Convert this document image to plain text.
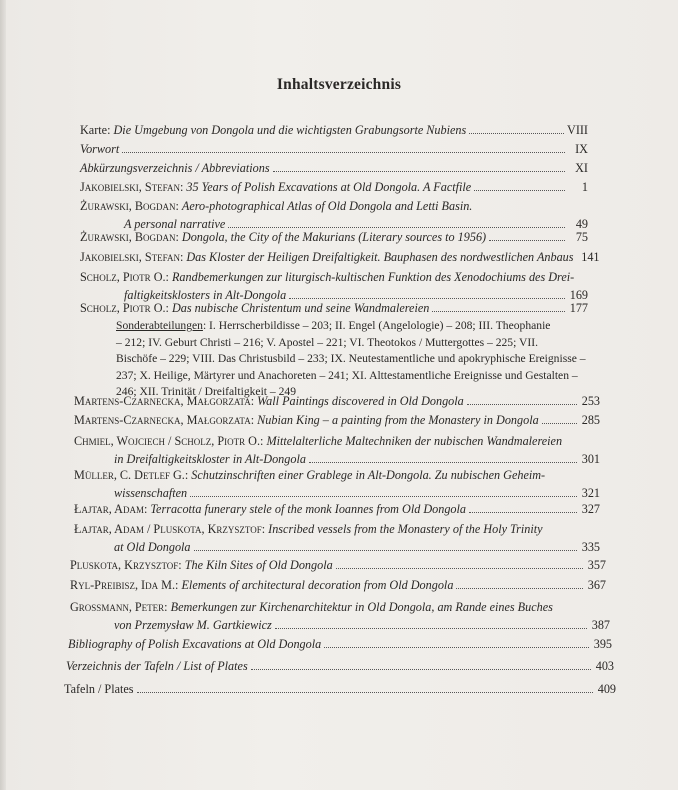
Inhaltsverzeichnis
Karte: Die Umgebung von Dongola und die wichtigsten Grabungsorte Nubiens	VIII
Vorwort	IX
Abkürzungsverzeichnis / Abbreviations	XI
Jakobielski, Stefan: 35 Years of Polish Excavations at Old Dongola. A Factfile	1
Żurawski, Bogdan: Aero-photographical Atlas of Old Dongola and Letti Basin.
A personal narrative	49
Żurawski, Bogdan: Dongola, the City of the Makurians (Literary sources to 1956)	75
Jakobielski, Stefan: Das Kloster der Heiligen Dreifaltigkeit. Bauphasen des nordwestlichen Anbaus 141
Scholz, Piotr O.: Randbemerkungen zur liturgisch-kultischen Funktion des Xenodochiums des Drei-
faltigkeitsklosters in Alt-Dongola	169
Scholz, Piotr O.: Das nubische Christentum und seine Wandmalereien	177
Sonderabteilungen: I. Herrscherbildisse – 203; II. Engel (Angelologie) – 208; III. Theophanie
– 212; IV. Geburt Christi – 216; V. Apostel – 221; VI. Theotokos / Muttergottes – 225; VII.
Bischöfe – 229; VIII. Das Christusbild – 233; IX. Neutestamentliche und apokryphische Ereignisse –
237; X. Heilige, Märtyrer und Anachoreten – 241; XI. Alttestamentliche Ereignisse und Gestalten –
246; XII. Trinität / Dreifaltigkeit – 249
Martens-Czarnecka, Małgorzata: Wall Paintings discovered in Old Dongola	253
Martens-Czarnecka, Małgorzata: Nubian King – a painting from the Monastery in Dongola	285
Chmiel, Wojciech / Scholz, Piotr O.: Mittelalterliche Maltechniken der nubischen Wandmalereien
in Dreifaltigkeitskloster in Alt-Dongola	301
Müller, C. Detlef G.: Schutzinschriften einer Grablege in Alt-Dongola. Zu nubischen Geheim-
wissenschaften	321
Łajtar, Adam: Terracotta funerary stele of the monk Ioannes from Old Dongola	327
Łajtar, Adam / Pluskota, Krzysztof: Inscribed vessels from the Monastery of the Holy Trinity
at Old Dongola	335
Pluskota, Krzysztof: The Kiln Sites of Old Dongola	357
Ryl-Preibisz, Ida M.: Elements of architectural decoration from Old Dongola	367
Grossmann, Peter: Bemerkungen zur Kirchenarchitektur in Old Dongola, am Rande eines Buches
von Przemysław M. Gartkiewicz	387
Bibliography of Polish Excavations at Old Dongola	395
Verzeichnis der Tafeln / List of Plates	403
Tafeln / Plates	409
